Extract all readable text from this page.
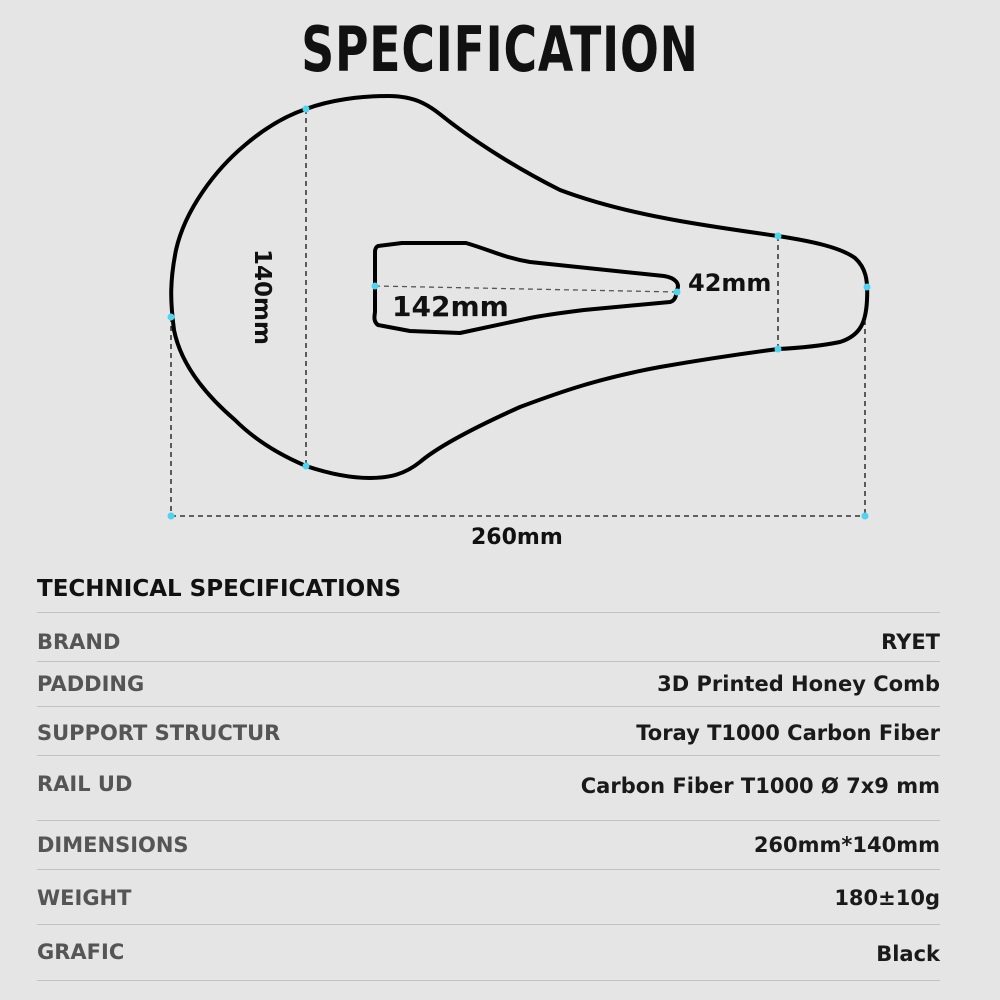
SPECIFICATION
140mm	142mm
42mm
260mm
TECHNICAL SPECIFICATIONS
BRAND	RYET
PADDING	3D Printed Honey Comb
SUPPORT STRUCTUR	Toray T1000 Carbon Fiber
RAIL UD	Carbon Fiber T1000 Ø 7x9 mm
DIMENSIONS	260mm*140mm
WEIGHT	180±10g
GRAFIC	Black
